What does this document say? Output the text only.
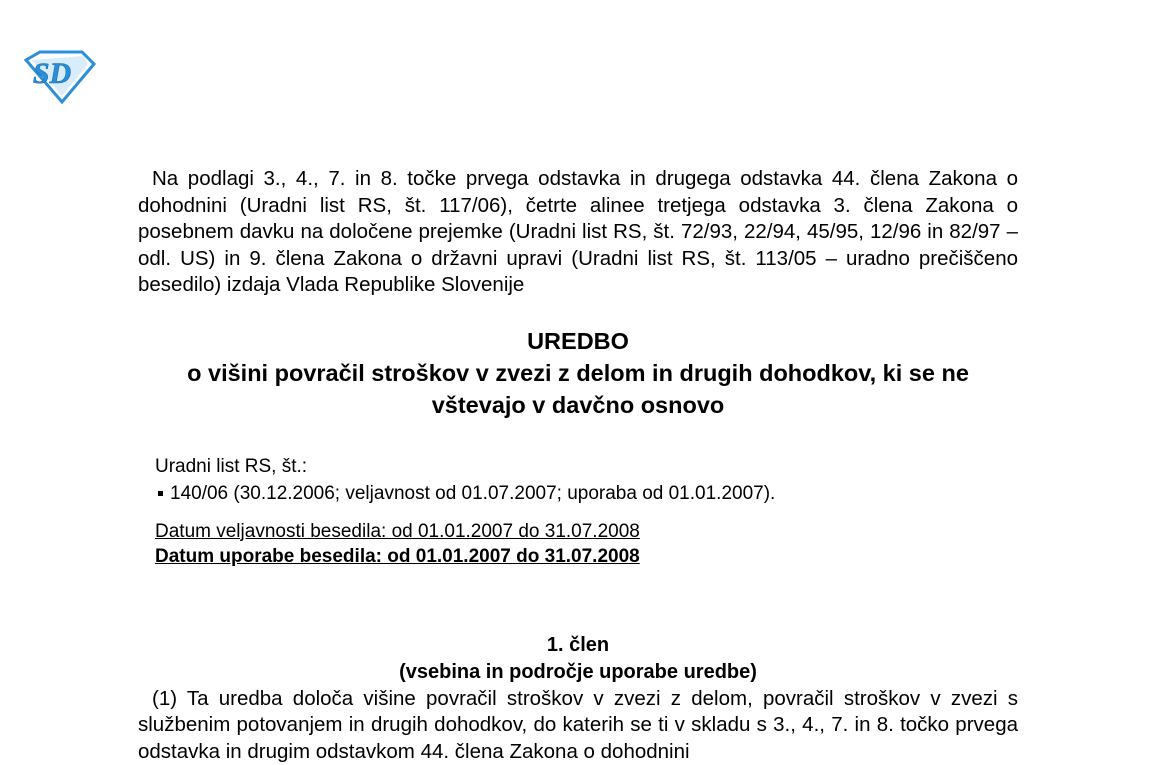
SD
Na podlagi 3., 4., 7. in 8. točke prvega odstavka in drugega odstavka 44. člena Zakona o dohodnini (Uradni list RS, št. 117/06), četrte alinee tretjega odstavka 3. člena Zakona o posebnem davku na določene prejemke (Uradni list RS, št. 72/93, 22/94, 45/95, 12/96 in 82/97 – odl. US) in 9. člena Zakona o državni upravi (Uradni list RS, št. 113/05 – uradno prečiščeno besedilo) izdaja Vlada Republike Slovenije
UREDBO
o višini povračil stroškov v zvezi z delom in drugih dohodkov, ki se ne vštevajo v davčno osnovo
Uradni list RS, št.:
140/06 (30.12.2006; veljavnost od 01.07.2007; uporaba od 01.01.2007).
Datum veljavnosti besedila: od 01.01.2007 do 31.07.2008
Datum uporabe besedila: od 01.01.2007 do 31.07.2008
1. člen
(vsebina in področje uporabe uredbe)
(1) Ta uredba določa višine povračil stroškov v zvezi z delom, povračil stroškov v zvezi s službenim potovanjem in drugih dohodkov, do katerih se ti v skladu s 3., 4., 7. in 8. točko prvega odstavka in drugim odstavkom 44. člena Zakona o dohodnini
